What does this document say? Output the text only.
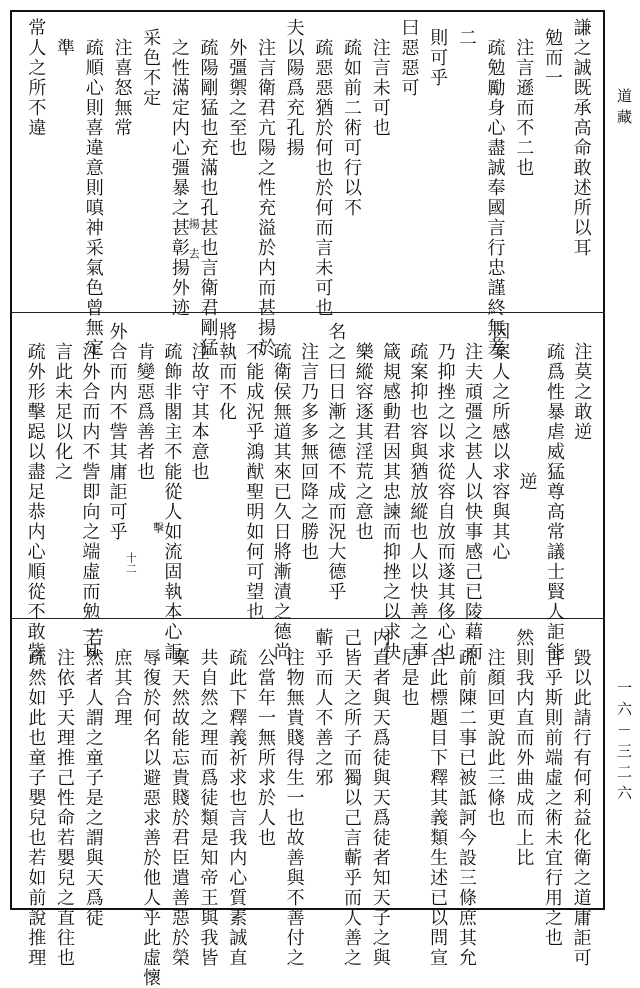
謙之誠既承高命敢述所以耳
勉而一
注言遜而不二也
疏勉勵身心盡誠奉國言行忠謹終無差
二
則可乎
曰惡惡可
注言未可也
疏如前二術可行以不
疏惡惡猶於何也於何而言未可也
夫以陽爲充孔揚
注言衛君亢陽之性充溢於内而甚揚於
外彊禦之至也
疏陽剛猛也充滿也孔甚也言衛君剛猛
之性滿定内心彊暴之甚彰揚外迹
采色不定
注喜怒無常
疏順心則喜違意則嗔神采氣色曾無定
準
常人之所不違
揚
去
注莫之敢逆
疏爲性暴虐威猛尊高常議士賢人詎能
逆
因案人之所感以求容與其心
注夫頑彊之甚人以快事感己已陵藉而
乃抑挫之以求從容自放而遂其侈心也
疏案抑也容與猶放縱也人以快善之事
箴規感動君因其忠諫而抑挫之以求快
樂縱容逐其淫荒之意也
名之曰日漸之德不成而況大德乎
注言乃多多無回降之勝也
疏衛侯無道其來已久日將漸漬之德尚
不能成況乎鴻猷聖明如何可望也
將執而不化
注故守其本意也
疏飾非閣主不能從人如流固執本心詎
肯變惡爲善者也
外合而内不訾其庸詎可乎
注外合而内不訾即向之端虛而勉一耳
言此未足以化之
疏外形擊跽以盡足恭内心順從不敢訾	擊
十二
毀以此請行有何利益化衛之道庸詎可
言乎斯則前端虛之術未宜行用之也
然則我内直而外曲成而上比
注顏回更說此三條也
疏前陳二事已被詆訶今設三條庶其允
合此標題目下釋其義類生述已以問宣
尼是也
内直者與天爲徒與天爲徒者知天子之與
己皆天之所子而獨以己言蘄乎而人善之
蘄乎而人不善之邪
注物無貴賤得生一也故善與不善付之
公當年一無所求於人也
疏此下釋義祈求也言我内心質素誠直
共自然之理而爲徒類是知帝王與我皆
稟天然故能忘貴賤於君臣遣善惡於榮
辱復於何名以避惡求善於他人乎此虛懷
庶其合理
若然者人謂之童子是之謂與天爲徒
注依乎天理推己性命若嬰兒之直往也
疏然如此也童子嬰兒也若如前說推理
道藏
一六－三二六
